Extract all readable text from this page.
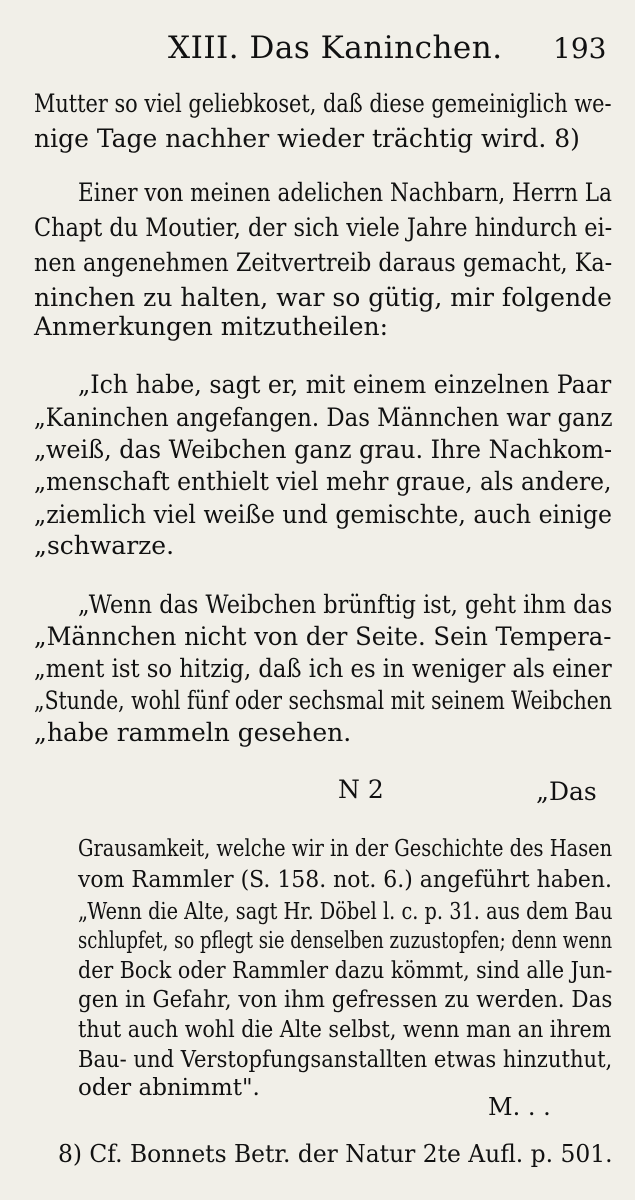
XIII. Das Kaninchen. 193
Mutter so viel geliebkoset, daß diese gemeiniglich we-
nige Tage nachher wieder trächtig wird. 8)
Einer von meinen adelichen Nachbarn, Herrn La
Chapt du Moutier, der sich viele Jahre hindurch ei-
nen angenehmen Zeitvertreib daraus gemacht, Ka-
ninchen zu halten, war so gütig, mir folgende
Anmerkungen mitzutheilen:
„Ich habe, sagt er, mit einem einzelnen Paar
„Kaninchen angefangen. Das Männchen war ganz
„weiß, das Weibchen ganz grau. Ihre Nachkom-
„menschaft enthielt viel mehr graue, als andere,
„ziemlich viel weiße und gemischte, auch einige
„schwarze.
„Wenn das Weibchen brünftig ist, geht ihm das
„Männchen nicht von der Seite. Sein Tempera-
„ment ist so hitzig, daß ich es in weniger als einer
„Stunde, wohl fünf oder sechsmal mit seinem Weibchen
„habe rammeln gesehen.
N 2	„Das
Grausamkeit, welche wir in der Geschichte des Hasen
vom Rammler (S. 158. not. 6.) angeführt haben.
„Wenn die Alte, sagt Hr. Döbel l. c. p. 31. aus dem Bau
schlupfet, so pflegt sie denselben zuzustopfen; denn wenn
der Bock oder Rammler dazu kömmt, sind alle Jun-
gen in Gefahr, von ihm gefressen zu werden. Das
thut auch wohl die Alte selbst, wenn man an ihrem
Bau- und Verstopfungsanstallten etwas hinzuthut,
oder abnimmt".
M. . .
8) Cf. Bonnets Betr. der Natur 2te Aufl. p. 501.
